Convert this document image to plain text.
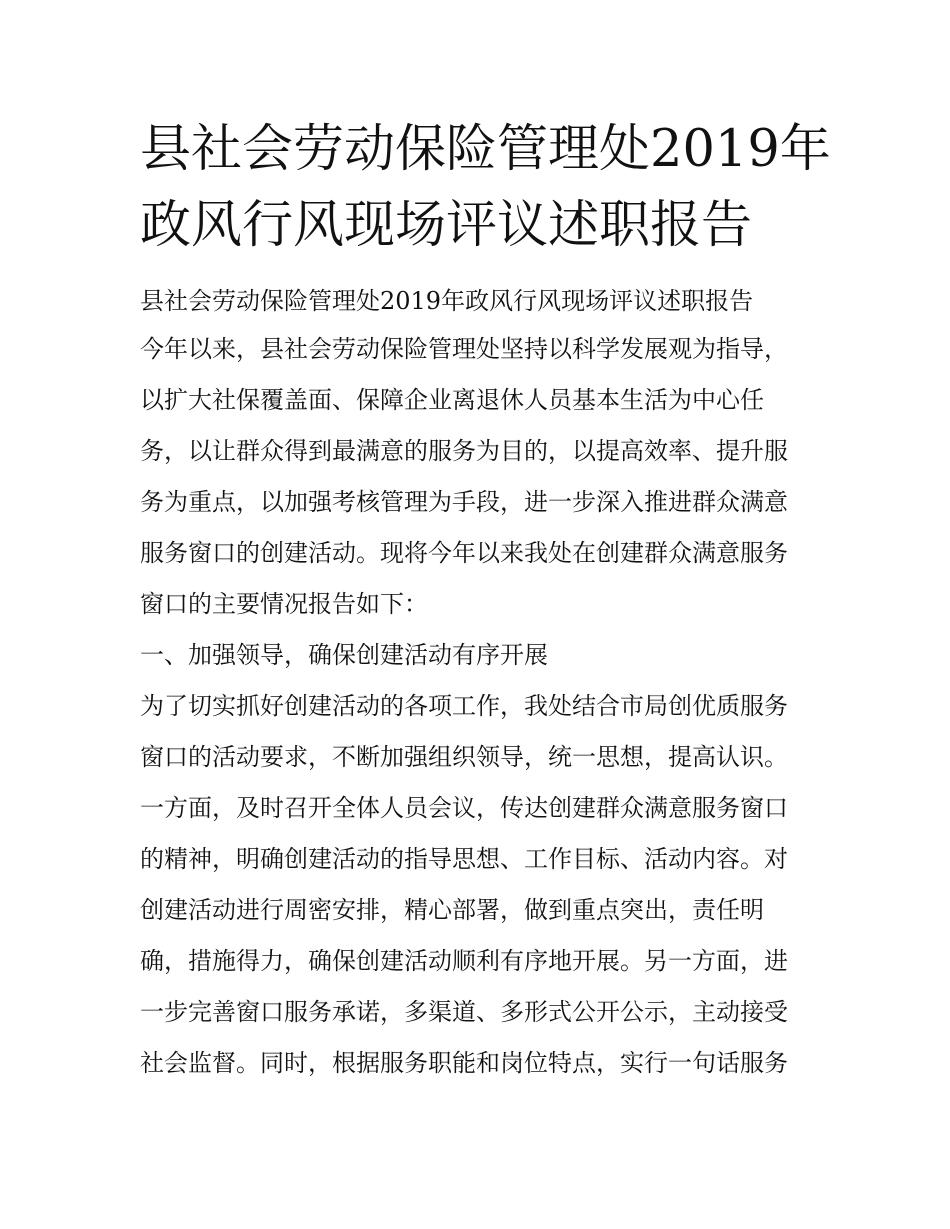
县社会劳动保险管理处2019年
政风行风现场评议述职报告
县社会劳动保险管理处2019年政风行风现场评议述职报告
今年以来，县社会劳动保险管理处坚持以科学发展观为指导，
以扩大社保覆盖面、保障企业离退休人员基本生活为中心任
务，以让群众得到最满意的服务为目的，以提高效率、提升服
务为重点，以加强考核管理为手段，进一步深入推进群众满意
服务窗口的创建活动。现将今年以来我处在创建群众满意服务
窗口的主要情况报告如下：
一、加强领导，确保创建活动有序开展
为了切实抓好创建活动的各项工作，我处结合市局创优质服务
窗口的活动要求，不断加强组织领导，统一思想，提高认识。
一方面，及时召开全体人员会议，传达创建群众满意服务窗口
的精神，明确创建活动的指导思想、工作目标、活动内容。对
创建活动进行周密安排，精心部署，做到重点突出，责任明
确，措施得力，确保创建活动顺利有序地开展。另一方面，进
一步完善窗口服务承诺，多渠道、多形式公开公示，主动接受
社会监督。同时，根据服务职能和岗位特点，实行一句话服务
